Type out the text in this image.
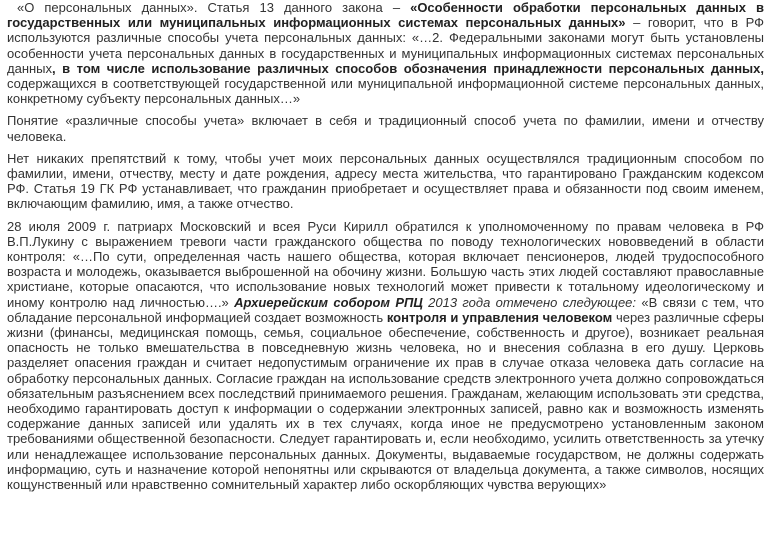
«О персональных данных». Статья 13 данного закона – «Особенности обработки персональных данных в государственных или муниципальных информационных системах персональных данных» – говорит, что в РФ используются различные способы учета персональных данных: «…2. Федеральными законами могут быть установлены особенности учета персональных данных в государственных и муниципальных информационных системах персональных данных, в том числе использование различных способов обозначения принадлежности персональных данных, содержащихся в соответствующей государственной или муниципальной информационной системе персональных данных, конкретному субъекту персональных данных…»

Понятие «различные способы учета» включает в себя и традиционный способ учета по фамилии, имени и отчеству человека.

Нет никаких препятствий к тому, чтобы учет моих персональных данных осуществлялся традиционным способом по фамилии, имени, отчеству, месту и дате рождения, адресу места жительства, что гарантировано Гражданским кодексом РФ. Статья 19 ГК РФ устанавливает, что гражданин приобретает и осуществляет права и обязанности под своим именем, включающим фамилию, имя, а также отчество.

28 июля 2009 г. патриарх Московский и всея Руси Кирилл обратился к уполномоченному по правам человека в РФ В.П.Лукину с выражением тревоги части гражданского общества по поводу технологических нововведений в области контроля: «…По сути, определенная часть нашего общества, которая включает пенсионеров, людей трудоспособного возраста и молодежь, оказывается выброшенной на обочину жизни. Большую часть этих людей составляют православные христиане, которые опасаются, что использование новых технологий может привести к тотальному идеологическому и иному контролю над личностью….» Архиерейским собором РПЦ 2013 года отмечено следующее: «В связи с тем, что обладание персональной информацией создает возможность контроля и управления человеком через различные сферы жизни (финансы, медицинская помощь, семья, социальное обеспечение, собственность и другое), возникает реальная опасность не только вмешательства в повседневную жизнь человека, но и внесения соблазна в его душу. Церковь разделяет опасения граждан и считает недопустимым ограничение их прав в случае отказа человека дать согласие на обработку персональных данных. Согласие граждан на использование средств электронного учета должно сопровождаться обязательным разъяснением всех последствий принимаемого решения. Гражданам, желающим использовать эти средства, необходимо гарантировать доступ к информации о содержании электронных записей, равно как и возможность изменять содержание данных записей или удалять их в тех случаях, когда иное не предусмотрено установленным законом требованиями общественной безопасности. Следует гарантировать и, если необходимо, усилить ответственность за утечку или ненадлежащее использование персональных данных. Документы, выдаваемые государством, не должны содержать информацию, суть и назначение которой непонятны или скрываются от владельца документа, а также символов, носящих кощунственный или нравственно сомнительный характер либо оскорбляющих чувства верующих»
